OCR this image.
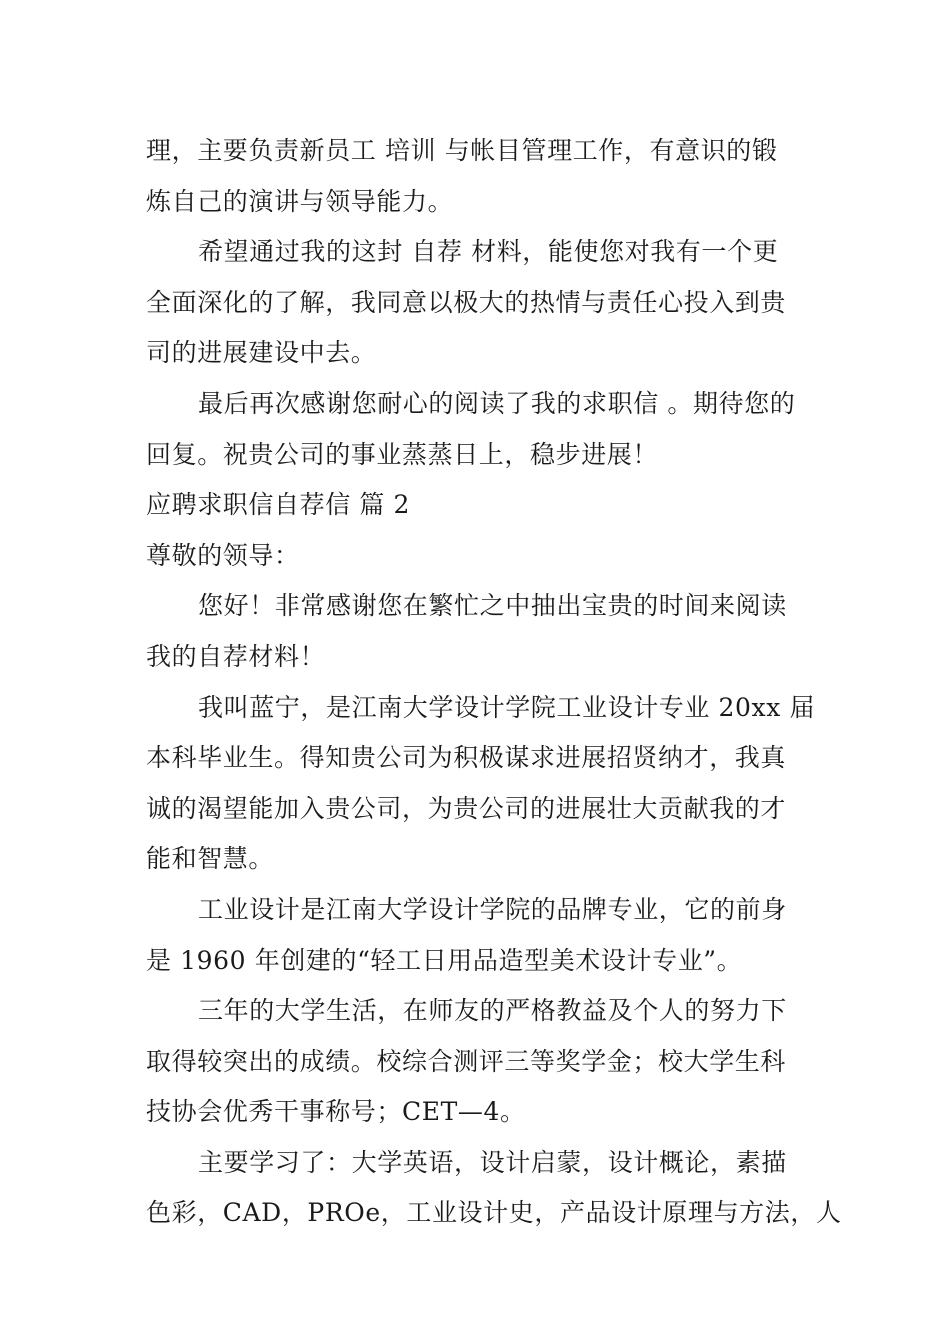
理，主要负责新员工 培训 与帐目管理工作，有意识的锻
炼自己的演讲与领导能力。
希望通过我的这封 自荐 材料，能使您对我有一个更
全面深化的了解，我同意以极大的热情与责任心投入到贵
司的进展建设中去。
最后再次感谢您耐心的阅读了我的求职信 。期待您的
回复。祝贵公司的事业蒸蒸日上，稳步进展！
应聘求职信自荐信 篇 2
尊敬的领导：
您好！非常感谢您在繁忙之中抽出宝贵的时间来阅读
我的自荐材料！
我叫蓝宁，是江南大学设计学院工业设计专业 20xx 届
本科毕业生。得知贵公司为积极谋求进展招贤纳才，我真
诚的渴望能加入贵公司，为贵公司的进展壮大贡献我的才
能和智慧。
工业设计是江南大学设计学院的品牌专业，它的前身
是 1960 年创建的“轻工日用品造型美术设计专业”。
三年的大学生活，在师友的严格教益及个人的努力下
取得较突出的成绩。校综合测评三等奖学金；校大学生科
技协会优秀干事称号；CET—4。
主要学习了：大学英语，设计启蒙，设计概论，素描
色彩，CAD，PROe，工业设计史，产品设计原理与方法，人
